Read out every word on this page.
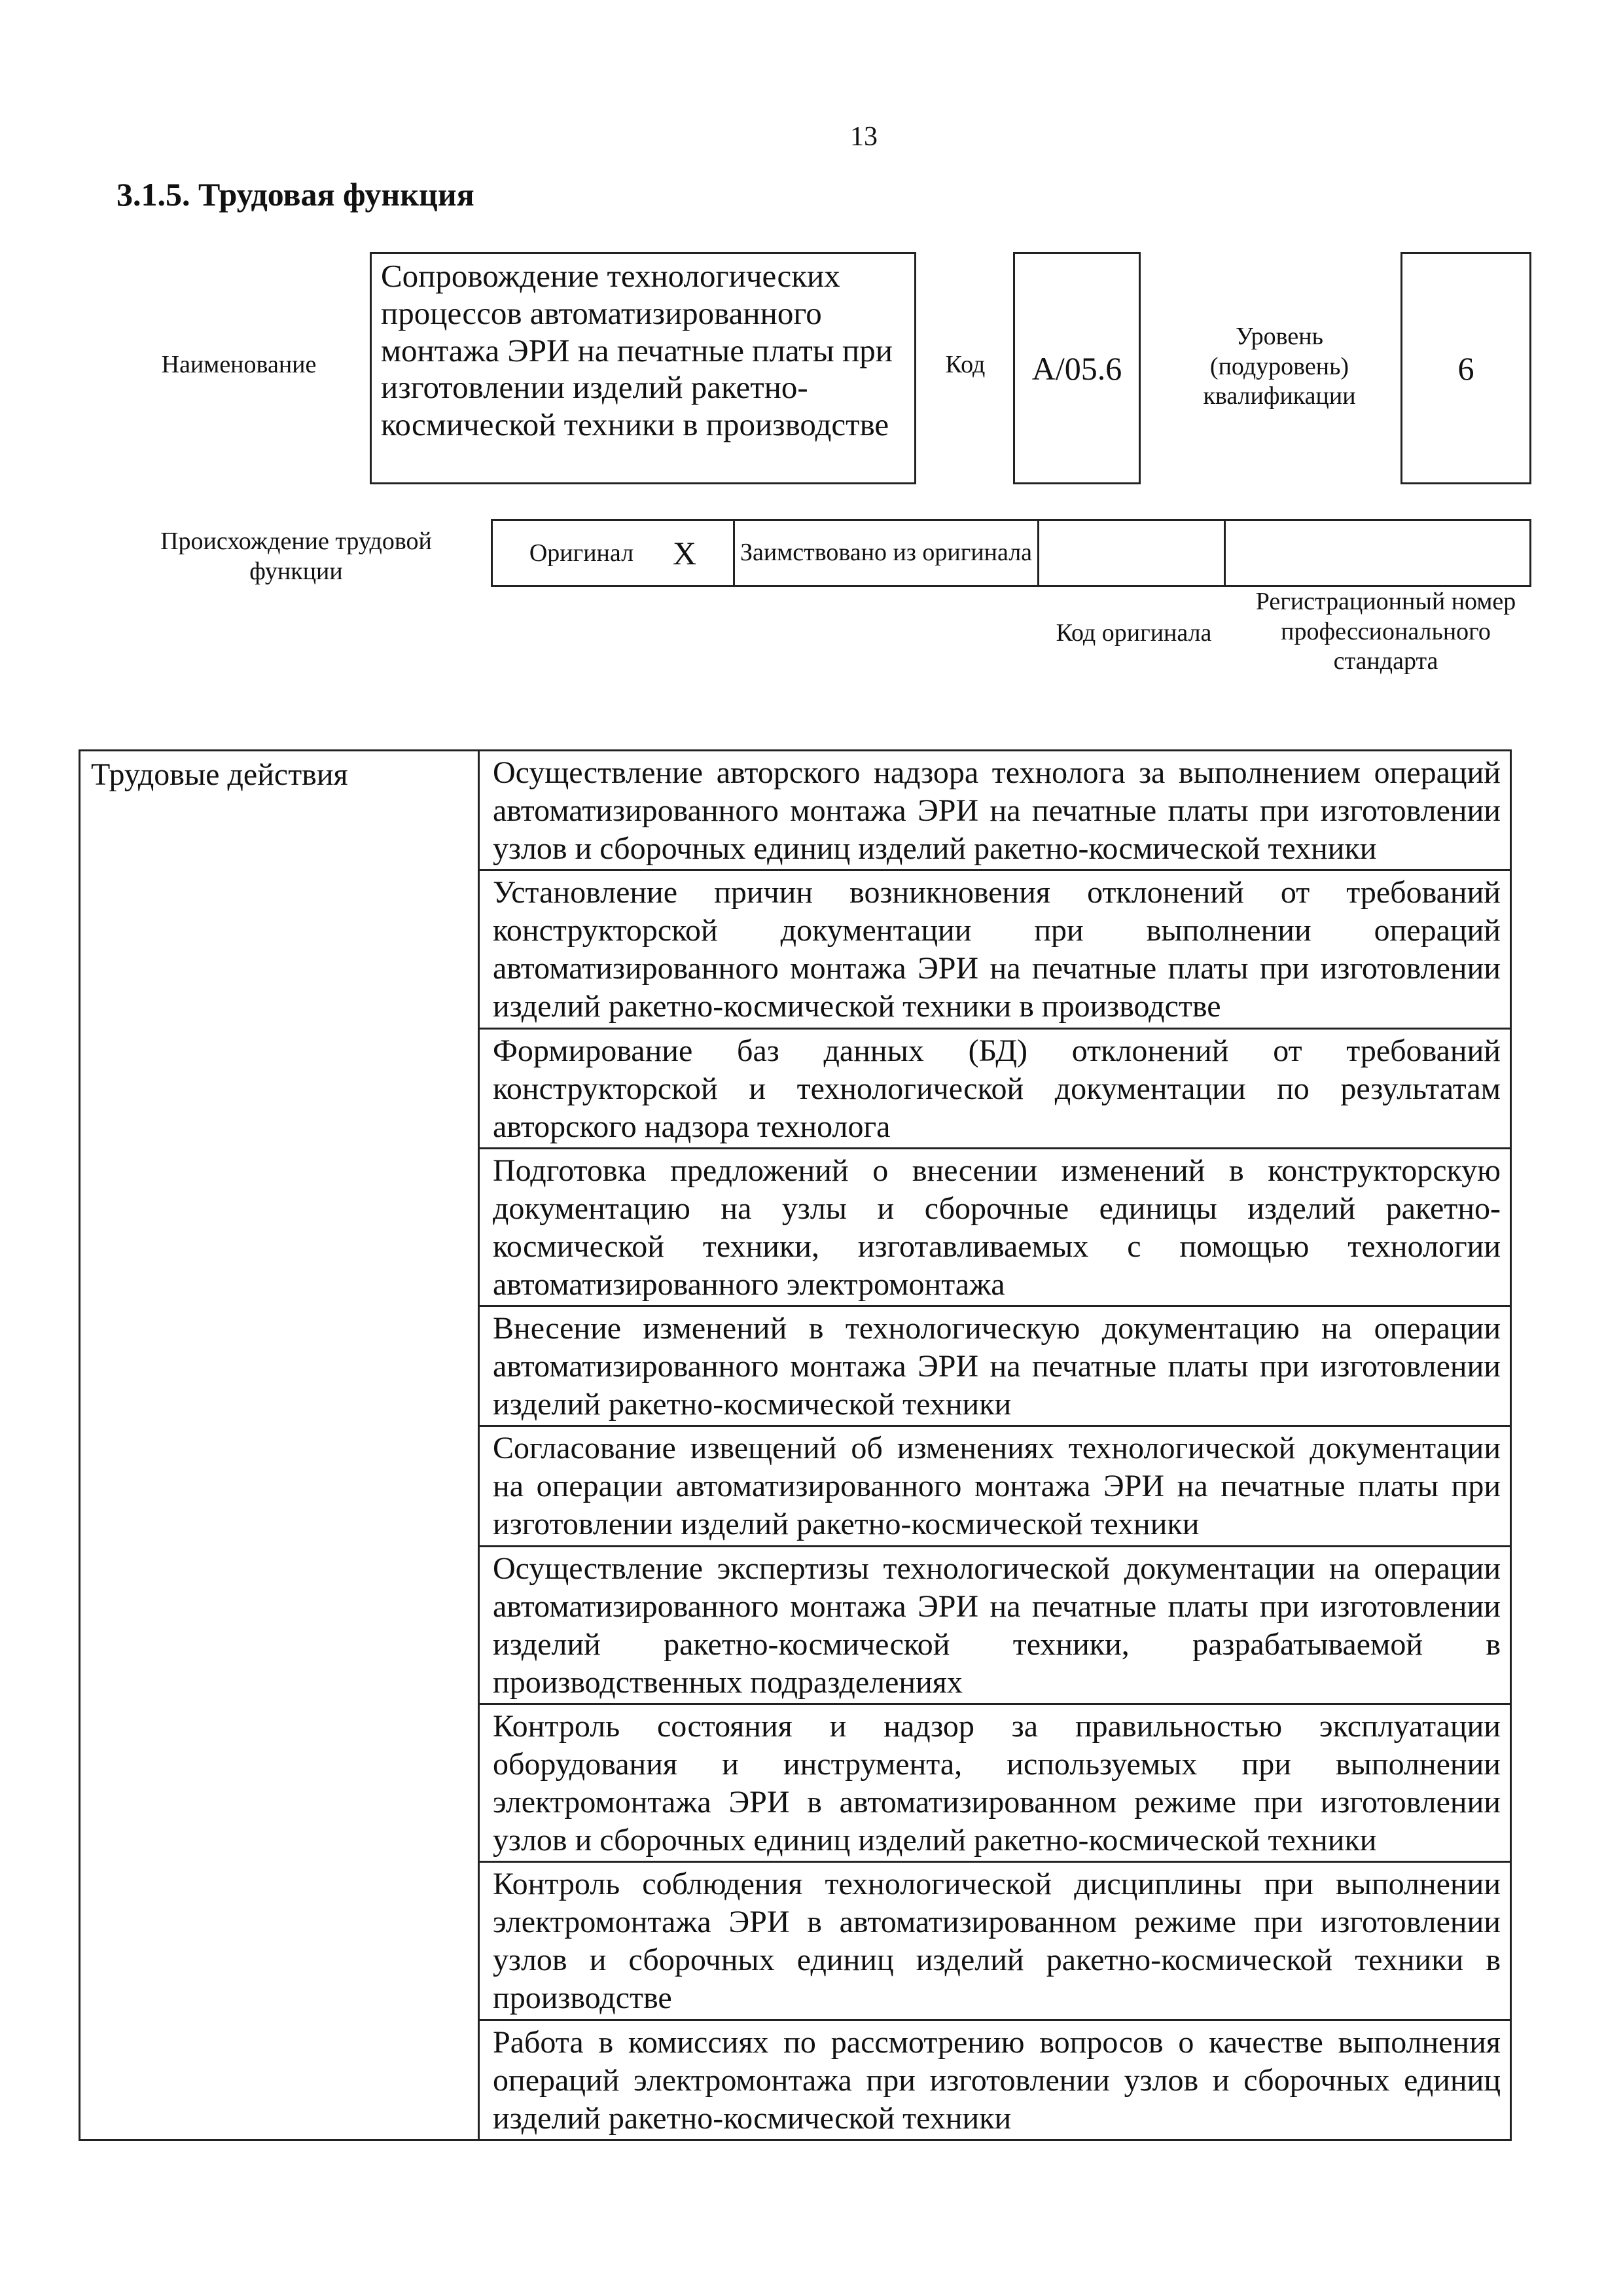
13
3.1.5. Трудовая функция
Наименование
Сопровождение технологических процессов автоматизированного монтажа ЭРИ на печатные платы при изготовлении изделий ракетно-космической техники в производстве
Код	A/05.6
Уровень (подуровень) квалификации
6
Происхождение трудовой функции
Оригинал X Заимствовано из оригинала
Код оригинала
Регистрационный номер профессионального стандарта
Трудовые действия	Осуществление авторского надзора технолога за выполнением операций автоматизированного монтажа ЭРИ на печатные платы при изготовлении узлов и сборочных единиц изделий ракетно-космической техники
Установление причин возникновения отклонений от требований конструкторской документации при выполнении операций автоматизированного монтажа ЭРИ на печатные платы при изготовлении изделий ракетно-космической техники в производстве
Формирование баз данных (БД) отклонений от требований конструкторской и технологической документации по результатам авторского надзора технолога
Подготовка предложений о внесении изменений в конструкторскую документацию на узлы и сборочные единицы изделий ракетно-космической техники, изготавливаемых с помощью технологии автоматизированного электромонтажа
Внесение изменений в технологическую документацию на операции автоматизированного монтажа ЭРИ на печатные платы при изготовлении изделий ракетно-космической техники
Согласование извещений об изменениях технологической документации на операции автоматизированного монтажа ЭРИ на печатные платы при изготовлении изделий ракетно-космической техники
Осуществление экспертизы технологической документации на операции автоматизированного монтажа ЭРИ на печатные платы при изготовлении изделий ракетно-космической техники, разрабатываемой в производственных подразделениях
Контроль состояния и надзор за правильностью эксплуатации оборудования и инструмента, используемых при выполнении электромонтажа ЭРИ в автоматизированном режиме при изготовлении узлов и сборочных единиц изделий ракетно-космической техники
Контроль соблюдения технологической дисциплины при выполнении электромонтажа ЭРИ в автоматизированном режиме при изготовлении узлов и сборочных единиц изделий ракетно-космической техники в производстве
Работа в комиссиях по рассмотрению вопросов о качестве выполнения операций электромонтажа при изготовлении узлов и сборочных единиц изделий ракетно-космической техники
